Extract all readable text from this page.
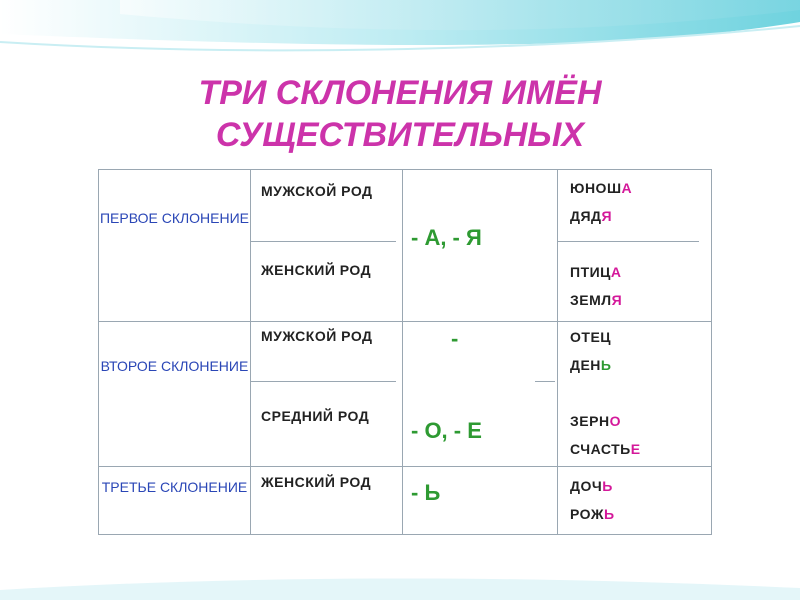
ТРИ СКЛОНЕНИЯ ИМЁН
СУЩЕСТВИТЕЛЬНЫХ
ПЕРВОЕ СКЛОНЕНИЕ
ВТОРОЕ СКЛОНЕНИЕ
ТРЕТЬЕ СКЛОНЕНИЕ
МУЖСКОЙ РОД
ЖЕНСКИЙ РОД
МУЖСКОЙ РОД
СРЕДНИЙ РОД
ЖЕНСКИЙ РОД
- А, - Я
-
- О, - Е
- Ь
ЮНОША
ДЯДЯ
ПТИЦА
ЗЕМЛЯ
ОТЕЦ
ДЕНЬ
ЗЕРНО
СЧАСТЬЕ
ДОЧЬ
РОЖЬ
